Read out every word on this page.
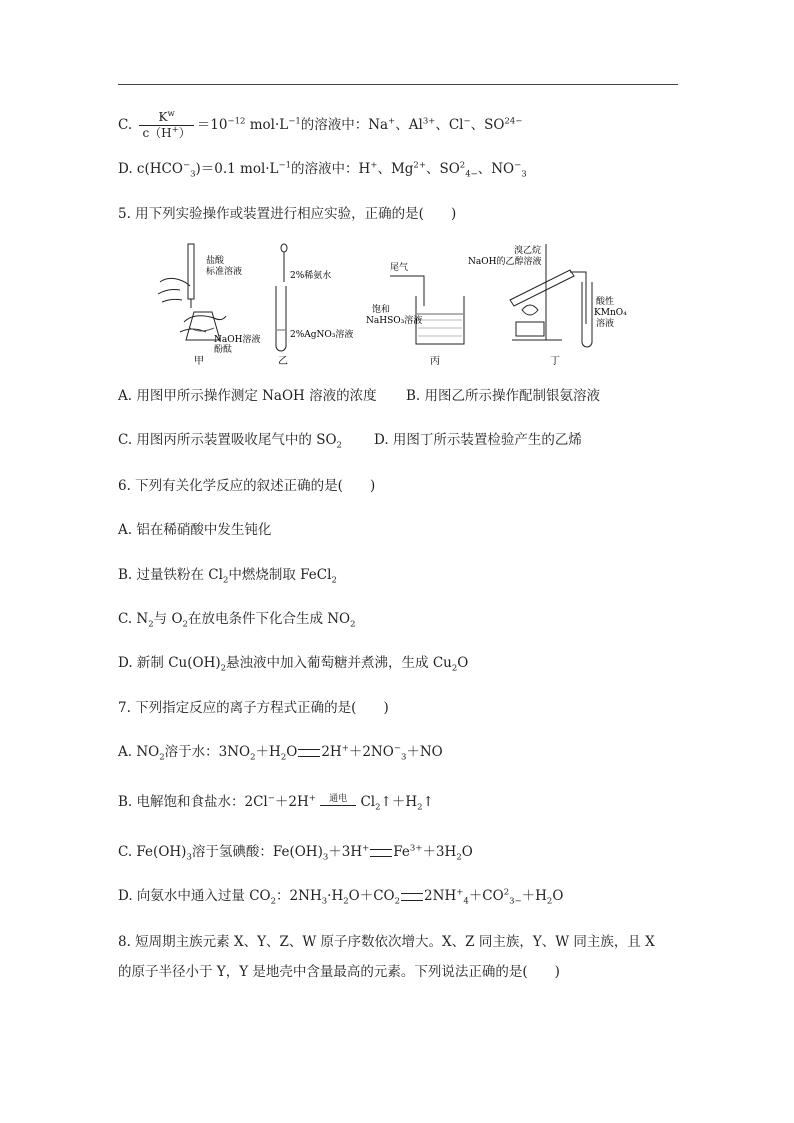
C. $\frac{K^w}{c(H^+)} =10^{-12}$ $mol\cdot L^{-1}$的溶液中：Na+、$Al^{3+}$、Cl−、$SO^{24-}$
D. $c(HCO^-_3)=0.1$ $mol\cdot L^{-1}$的溶液中：H+、$Mg^{2+}$、$SO^2_{4-}$、$NO^-_3$
5. 用下列实验操作或装置进行相应实验，正确的是(　　)
盐酸
标准溶液
NaOH溶液
酚酞
甲
2%稀氨水
2%AgNO₃溶液
乙
尾气
饱和
NaHSO₃溶液
丙
溴乙烷
NaOH的乙醇溶液
酸性
KMnO₄
溶液
丁
A. 用图甲所示操作测定 NaOH 溶液的浓度 B. 用图乙所示操作配制银氨溶液
C. 用图丙所示装置吸收尾气中的 $SO_2$ D. 用图丁所示装置检验产生的乙烯
6. 下列有关化学反应的叙述正确的是(　　)
A. 铝在稀硝酸中发生钝化
B. 过量铁粉在 $Cl_2$中燃烧制取 FeCl$_2$
C. $N_2$与 $O_2$在放电条件下化合生成 $NO_2$
D. 新制 $Cu(OH)_2$悬浊液中加入葡萄糖并煮沸，生成 $Cu_2O$
7. 下列指定反应的离子方程式正确的是(　　)
A. $NO_2$溶于水：$3NO_2+H_2O$ $2H^++2NO^-_3+NO$
B. 电解饱和食盐水：2Cl−＋2H+	通电 $Cl_2↑+H_2↑$
C. $Fe(OH)_3$溶于氢碘酸：$Fe(OH)_3+3H^+$ $Fe^{3+}+3H_2O$
D. 向氨水中通入过量 $CO_2$：$2NH_3\cdot H_2O+CO_2$ $2NH^+_4+CO^2_{3-}+H_2O$
8. 短周期主族元素 X、Y、Z、W 原子序数依次增大。X、Z 同主族，Y、W 同主族，且 X
的原子半径小于 Y，Y 是地壳中含量最高的元素。下列说法正确的是(　　)
